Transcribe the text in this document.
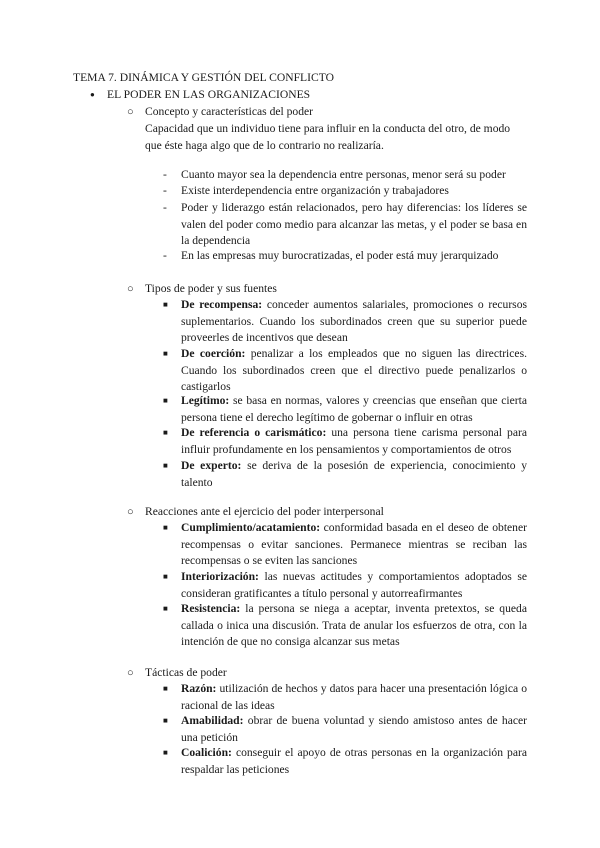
TEMA 7. DINÁMICA Y GESTIÓN DEL CONFLICTO
● EL PODER EN LAS ORGANIZACIONES
○ Concepto y características del poder
Capacidad que un individuo tiene para influir en la conducta del otro, de modo que éste haga algo que de lo contrario no realizaría.
- Cuanto mayor sea la dependencia entre personas, menor será su poder
- Existe interdependencia entre organización y trabajadores
- Poder y liderazgo están relacionados, pero hay diferencias: los líderes se valen del poder como medio para alcanzar las metas, y el poder se basa en la dependencia
- En las empresas muy burocratizadas, el poder está muy jerarquizado
○ Tipos de poder y sus fuentes
■ De recompensa: conceder aumentos salariales, promociones o recursos suplementarios. Cuando los subordinados creen que su superior puede proveerles de incentivos que desean
■ De coerción: penalizar a los empleados que no siguen las directrices. Cuando los subordinados creen que el directivo puede penalizarlos o castigarlos
■ Legítimo: se basa en normas, valores y creencias que enseñan que cierta persona tiene el derecho legítimo de gobernar o influir en otras
■ De referencia o carismático: una persona tiene carisma personal para influir profundamente en los pensamientos y comportamientos de otros
■ De experto: se deriva de la posesión de experiencia, conocimiento y talento
○ Reacciones ante el ejercicio del poder interpersonal
■ Cumplimiento/acatamiento: conformidad basada en el deseo de obtener recompensas o evitar sanciones. Permanece mientras se reciban las recompensas o se eviten las sanciones
■ Interiorización: las nuevas actitudes y comportamientos adoptados se consideran gratificantes a título personal y autorreafirmantes
■ Resistencia: la persona se niega a aceptar, inventa pretextos, se queda callada o inica una discusión. Trata de anular los esfuerzos de otra, con la intención de que no consiga alcanzar sus metas
○ Tácticas de poder
■ Razón: utilización de hechos y datos para hacer una presentación lógica o racional de las ideas
■ Amabilidad: obrar de buena voluntad y siendo amistoso antes de hacer una petición
■ Coalición: conseguir el apoyo de otras personas en la organización para respaldar las peticiones
